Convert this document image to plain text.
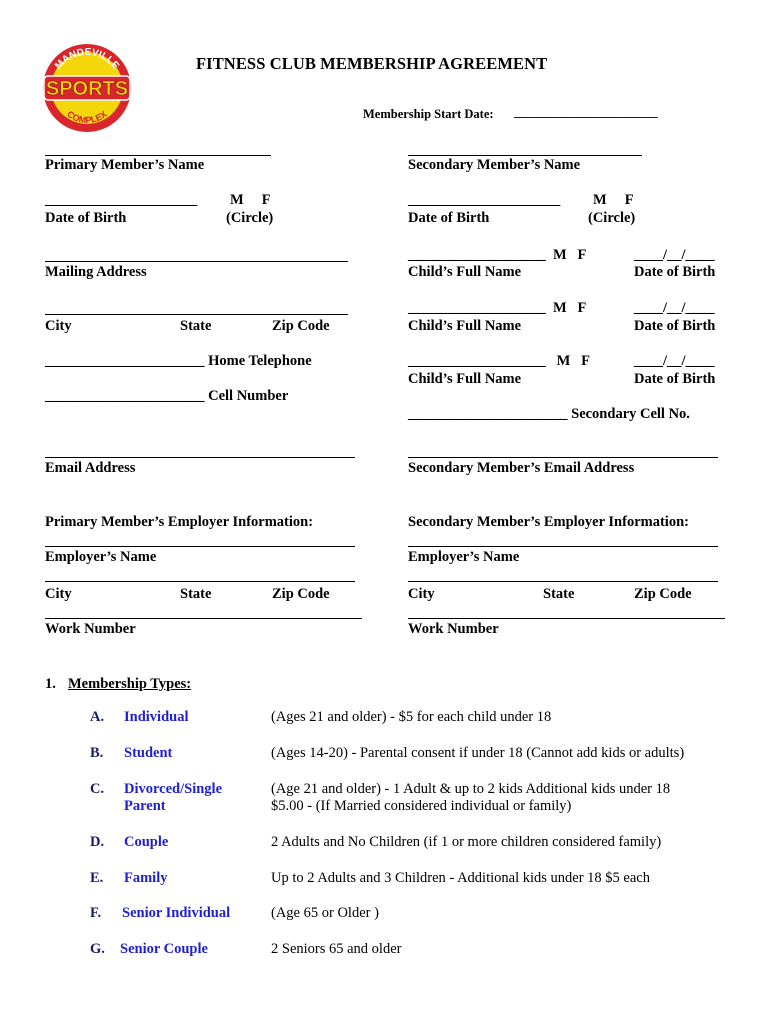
MANDEVILLE
COMPLEX
SPORTS
FITNESS CLUB MEMBERSHIP AGREEMENT
Membership Start Date: _______________________
Primary Member’s Name
_____________________
Date of Birth
M     F
(Circle)
Mailing Address
City	State	Zip Code
______________________ Home Telephone
______________________ Cell Number
Email Address
Primary Member’s Employer Information:
Employer’s Name
City	State	Zip Code
Work Number
Secondary Member’s Name
_____________________
Date of Birth
M     F
(Circle)
___________________  M   F
Child’s Full Name
____/__/____
Date of Birth
___________________  M   F
Child’s Full Name
____/__/____
Date of Birth
___________________   M   F
Child’s Full Name
____/__/____
Date of Birth
______________________ Secondary Cell No.
Secondary Member’s Email Address
Secondary Member’s Employer Information:
Employer’s Name
City	State	Zip Code
Work Number
1. Membership Types:
A. Individual	(Ages 21 and older) - $5 for each child under 18
B. Student	(Ages 14-20) - Parental consent if under 18 (Cannot add kids or adults)
C. Divorced/Single
Parent
(Age 21 and older) - 1 Adult & up to 2 kids Additional kids under 18
$5.00 - (If Married considered individual or family)
D. Couple	2 Adults and No Children (if 1 or more children considered family)
E. Family	Up to 2 Adults and 3 Children - Additional kids under 18 $5 each
F. Senior Individual	(Age 65 or Older )
G. Senior Couple	2 Seniors 65 and older
